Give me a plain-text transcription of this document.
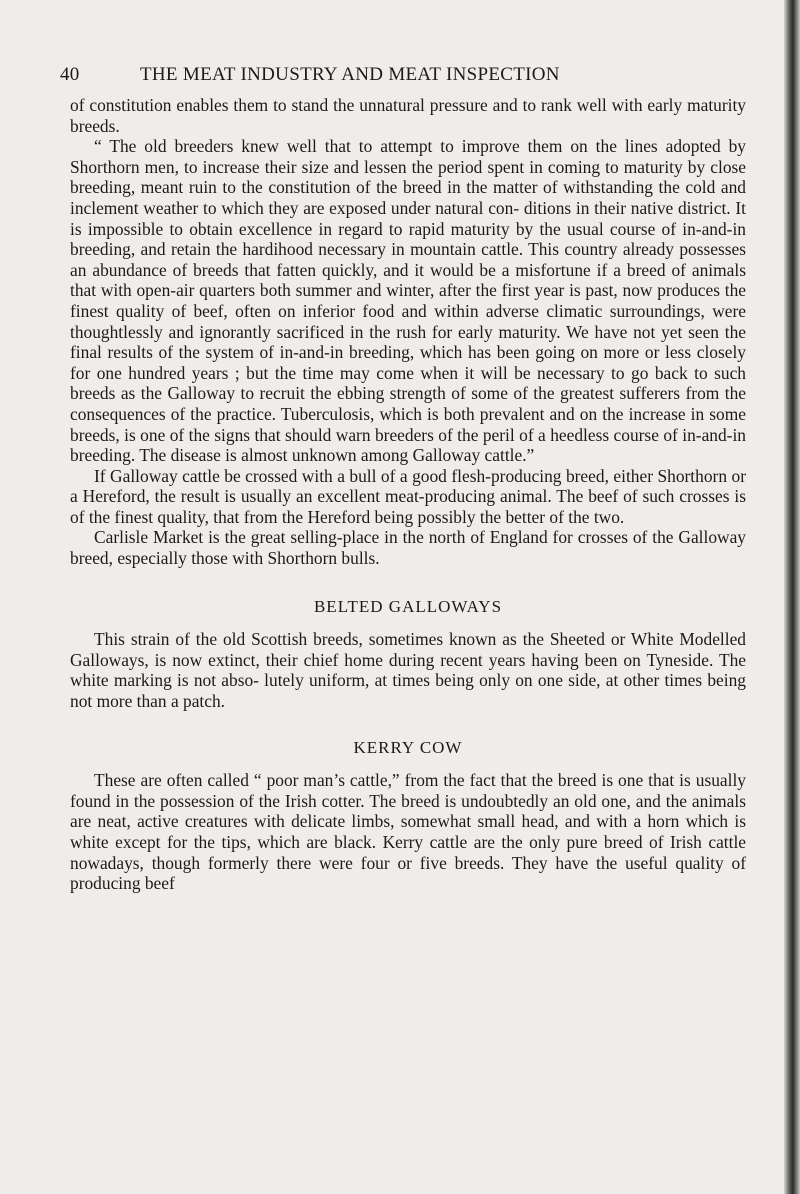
40	THE MEAT INDUSTRY AND MEAT INSPECTION

of constitution enables them to stand the unnatural pressure and to rank well with early maturity breeds.

“ The old breeders knew well that to attempt to improve them on the lines adopted by Shorthorn men, to increase their size and lessen the period spent in coming to maturity by close breeding, meant ruin to the constitution of the breed in the matter of withstanding the cold and inclement weather to which they are exposed under natural con- ditions in their native district. It is impossible to obtain excellence in regard to rapid maturity by the usual course of in-and-in breeding, and retain the hardihood necessary in mountain cattle. This country already possesses an abundance of breeds that fatten quickly, and it would be a misfortune if a breed of animals that with open-air quarters both summer and winter, after the first year is past, now produces the finest quality of beef, often on inferior food and within adverse climatic surroundings, were thoughtlessly and ignorantly sacrificed in the rush for early maturity. We have not yet seen the final results of the system of in-and-in breeding, which has been going on more or less closely for one hundred years ; but the time may come when it will be necessary to go back to such breeds as the Galloway to recruit the ebbing strength of some of the greatest sufferers from the consequences of the practice. Tuberculosis, which is both prevalent and on the increase in some breeds, is one of the signs that should warn breeders of the peril of a heedless course of in-and-in breeding. The disease is almost unknown among Galloway cattle.”

If Galloway cattle be crossed with a bull of a good flesh-producing breed, either Shorthorn or a Hereford, the result is usually an excellent meat-producing animal. The beef of such crosses is of the finest quality, that from the Hereford being possibly the better of the two.

Carlisle Market is the great selling-place in the north of England for crosses of the Galloway breed, especially those with Shorthorn bulls.

BELTED GALLOWAYS

This strain of the old Scottish breeds, sometimes known as the Sheeted or White Modelled Galloways, is now extinct, their chief home during recent years having been on Tyneside. The white marking is not abso- lutely uniform, at times being only on one side, at other times being not more than a patch.

KERRY COW

These are often called “ poor man’s cattle,” from the fact that the breed is one that is usually found in the possession of the Irish cotter. The breed is undoubtedly an old one, and the animals are neat, active creatures with delicate limbs, somewhat small head, and with a horn which is white except for the tips, which are black. Kerry cattle are the only pure breed of Irish cattle nowadays, though formerly there were four or five breeds. They have the useful quality of producing beef
